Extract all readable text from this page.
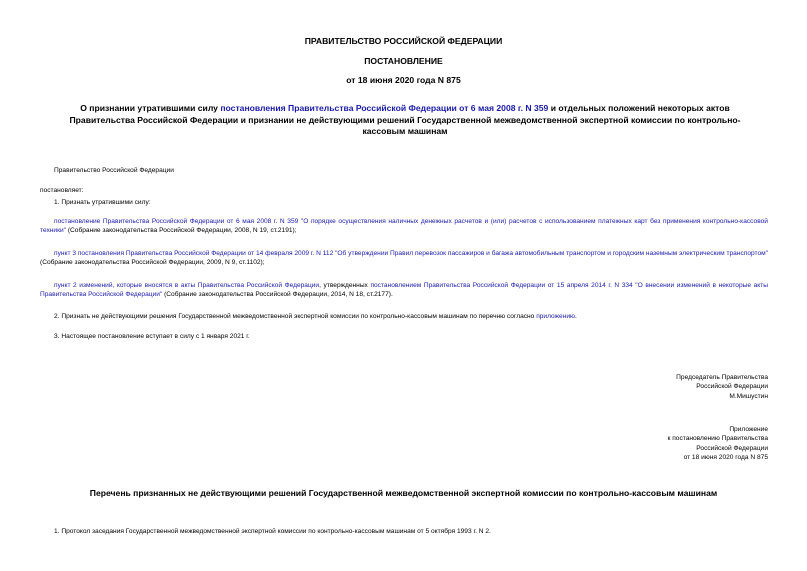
ПРАВИТЕЛЬСТВО РОССИЙСКОЙ ФЕДЕРАЦИИ
ПОСТАНОВЛЕНИЕ
от 18 июня 2020 года N 875
О признании утратившими силу постановления Правительства Российской Федерации от 6 мая 2008 г. N 359 и отдельных положений некоторых актов Правительства Российской Федерации и признании не действующими решений Государственной межведомственной экспертной комиссии по контрольно-кассовым машинам
Правительство Российской Федерации
постановляет:
1. Признать утратившими силу:
постановление Правительства Российской Федерации от 6 мая 2008 г. N 359 "О порядке осуществления наличных денежных расчетов и (или) расчетов с использованием платежных карт без применения контрольно-кассовой техники" (Собрание законодательства Российской Федерации, 2008, N 19, ст.2191);
пункт 3 постановления Правительства Российской Федерации от 14 февраля 2009 г. N 112 "Об утверждении Правил перевозок пассажиров и багажа автомобильным транспортом и городским наземным электрическим транспортом" (Собрание законодательства Российской Федерации, 2009, N 9, ст.1102);
пункт 2 изменений, которые вносятся в акты Правительства Российской Федерации, утвержденных постановлением Правительства Российской Федерации от 15 апреля 2014 г. N 334 "О внесении изменений в некоторые акты Правительства Российской Федерации" (Собрание законодательства Российской Федерации, 2014, N 18, ст.2177).
2. Признать не действующими решения Государственной межведомственной экспертной комиссии по контрольно-кассовым машинам по перечню согласно приложению.
3. Настоящее постановление вступает в силу с 1 января 2021 г.
Председатель Правительства
Российской Федерации
М.Мишустин
Приложение
к постановлению Правительства
Российской Федерации
от 18 июня 2020 года N 875
Перечень признанных не действующими решений Государственной межведомственной экспертной комиссии по контрольно-кассовым машинам
1. Протокол заседания Государственной межведомственной экспертной комиссии по контрольно-кассовым машинам от 5 октября 1993 г. N 2.
